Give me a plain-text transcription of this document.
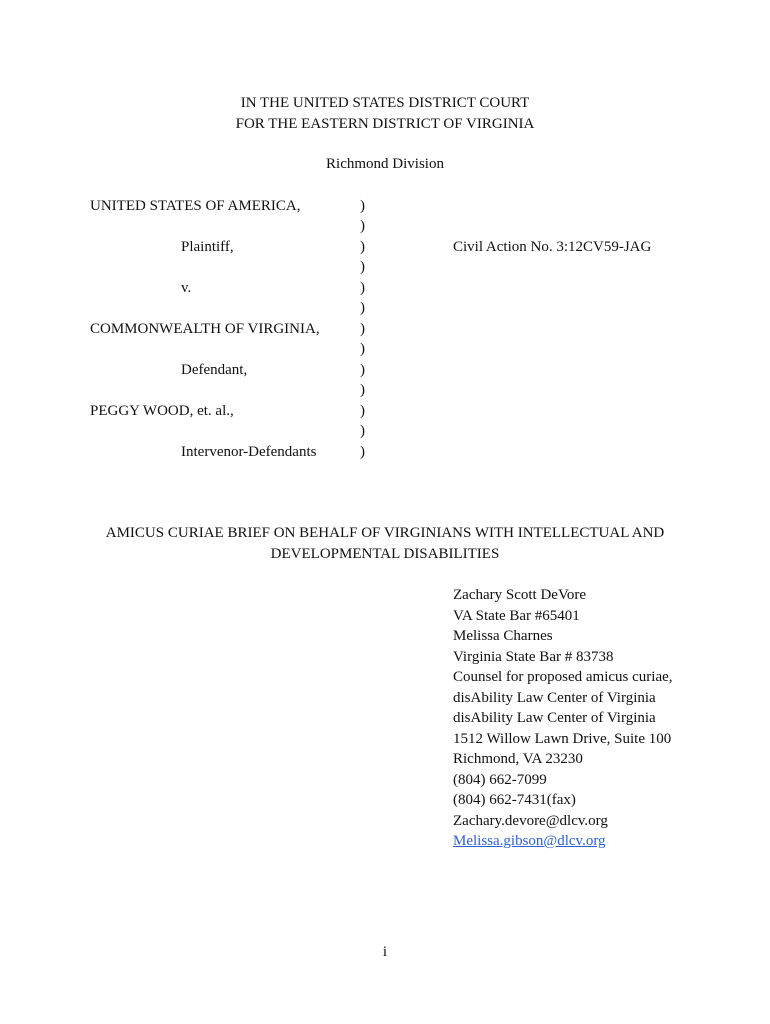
IN THE UNITED STATES DISTRICT COURT
FOR THE EASTERN DISTRICT OF VIRGINIA
Richmond Division
UNITED STATES OF AMERICA,
Plaintiff,
v.
COMMONWEALTH OF VIRGINIA,
Defendant,
PEGGY WOOD, et. al.,
Intervenor-Defendants
Civil Action No. 3:12CV59-JAG
)
)
)
)
)
)
)
)
)
)
)
)
)
AMICUS CURIAE BRIEF ON BEHALF OF VIRGINIANS WITH INTELLECTUAL AND
DEVELOPMENTAL DISABILITIES
Zachary Scott DeVore
VA State Bar #65401
Melissa Charnes
Virginia State Bar # 83738
Counsel for proposed amicus curiae,
disAbility Law Center of Virginia
disAbility Law Center of Virginia
1512 Willow Lawn Drive, Suite 100
Richmond, VA 23230
(804) 662-7099
(804) 662-7431(fax)
Zachary.devore@dlcv.org
Melissa.gibson@dlcv.org
i
